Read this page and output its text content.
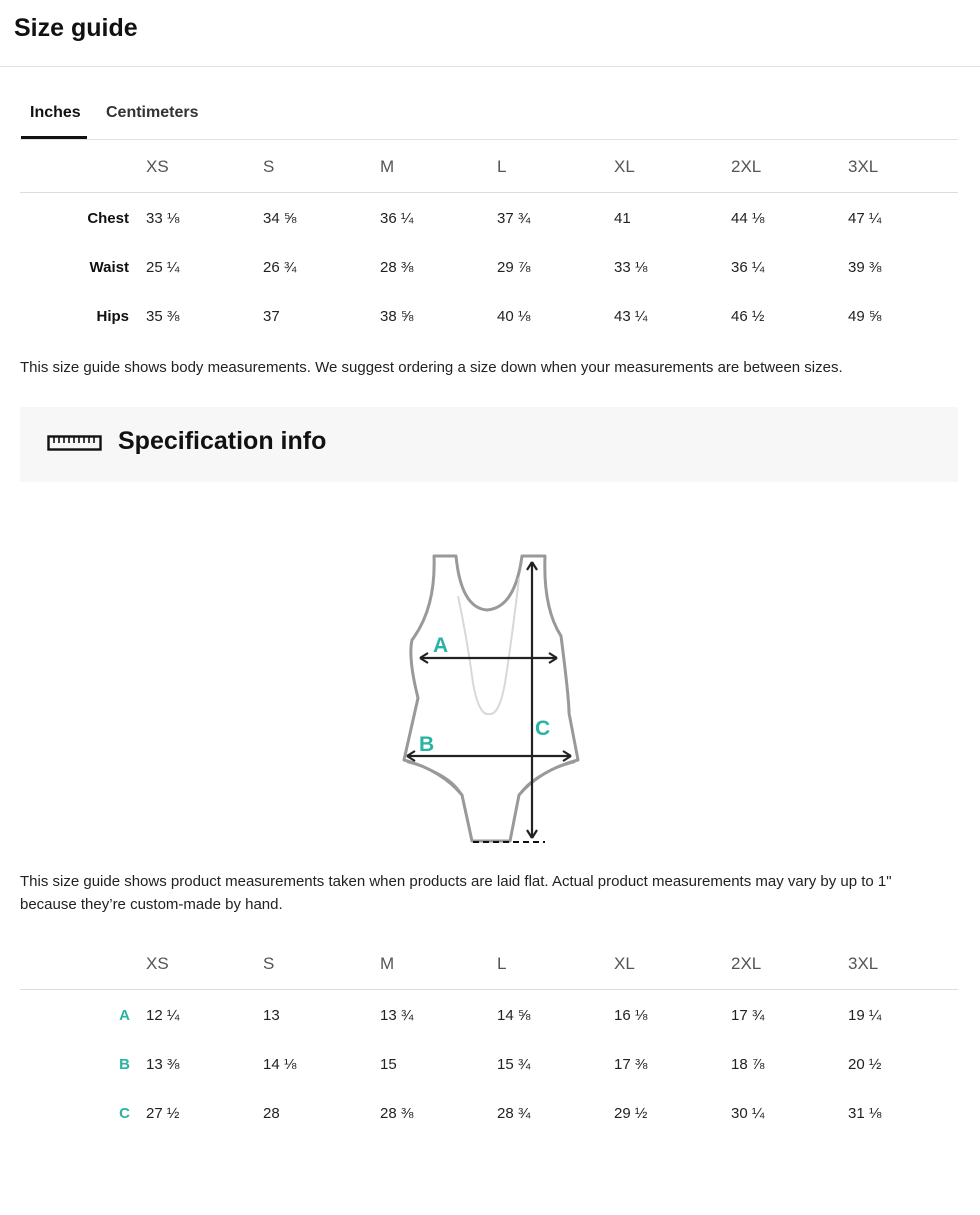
Size guide
Inches Centimeters
	XS	S	M	L	XL	2XL	3XL
Chest	33 ⅛	34 ⅝	36 ¼	37 ¾	41	44 ⅛	47 ¼
Waist	25 ¼	26 ¾	28 ⅜	29 ⅞	33 ⅛	36 ¼	39 ⅜
Hips	35 ⅜	37	38 ⅝	40 ⅛	43 ¼	46 ½	49 ⅝

This size guide shows body measurements. We suggest ordering a size down when your measurements are between sizes.

Specification info
A
B
C

This size guide shows product measurements taken when products are laid flat. Actual product measurements may vary by up to 1"
because they’re custom-made by hand.

	XS	S	M	L	XL	2XL	3XL
A	12 ¼	13	13 ¾	14 ⅝	16 ⅛	17 ¾	19 ¼
B	13 ⅜	14 ⅛	15	15 ¾	17 ⅜	18 ⅞	20 ½
C	27 ½	28	28 ⅜	28 ¾	29 ½	30 ¼	31 ⅛
